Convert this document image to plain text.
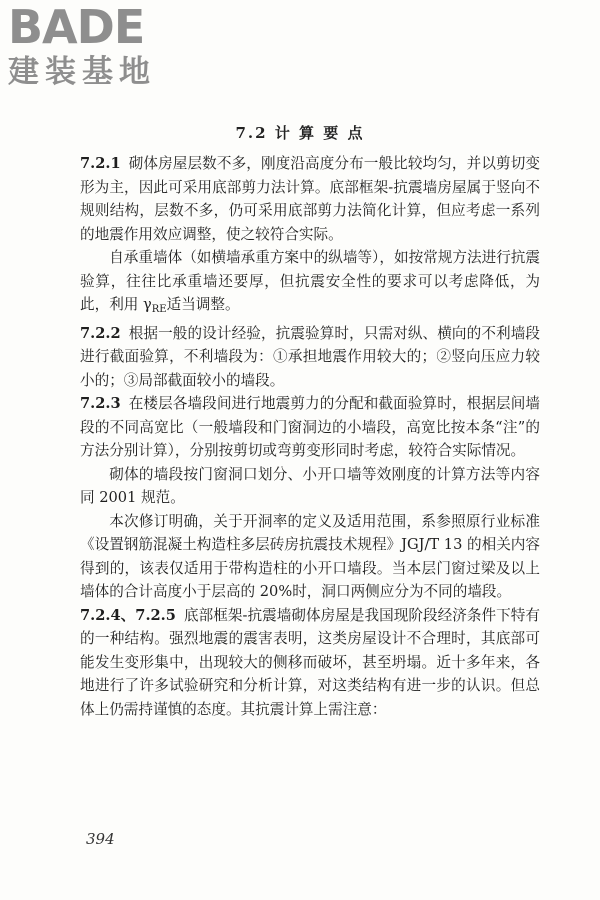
BADE
建装基地
7.2 计 算 要 点

7.2.1 砌体房屋层数不多，刚度沿高度分布一般比较均匀，并以剪切变形为主，因此可采用底部剪力法计算。底部框架-抗震墙房屋属于竖向不规则结构，层数不多，仍可采用底部剪力法简化计算，但应考虑一系列的地震作用效应调整，使之较符合实际。

自承重墙体（如横墙承重方案中的纵墙等），如按常规方法进行抗震验算，往往比承重墙还要厚，但抗震安全性的要求可以考虑降低，为此，利用 $\gamma_{RE}$适当调整。

7.2.2 根据一般的设计经验，抗震验算时，只需对纵、横向的不利墙段进行截面验算，不利墙段为：①承担地震作用较大的；②竖向压应力较小的；③局部截面较小的墙段。

7.2.3 在楼层各墙段间进行地震剪力的分配和截面验算时，根据层间墙段的不同高宽比（一般墙段和门窗洞边的小墙段，高宽比按本条“注”的方法分别计算），分别按剪切或弯剪变形同时考虑，较符合实际情况。

砌体的墙段按门窗洞口划分、小开口墙等效刚度的计算方法等内容同 2001 规范。

本次修订明确，关于开洞率的定义及适用范围，系参照原行业标准《设置钢筋混凝土构造柱多层砖房抗震技术规程》JGJ/T 13 的相关内容得到的，该表仅适用于带构造柱的小开口墙段。当本层门窗过梁及以上墙体的合计高度小于层高的 20%时，洞口两侧应分为不同的墙段。

7.2.4、7.2.5 底部框架-抗震墙砌体房屋是我国现阶段经济条件下特有的一种结构。强烈地震的震害表明，这类房屋设计不合理时，其底部可能发生变形集中，出现较大的侧移而破坏，甚至坍塌。近十多年来，各地进行了许多试验研究和分析计算，对这类结构有进一步的认识。但总体上仍需持谨慎的态度。其抗震计算上需注意：

394
